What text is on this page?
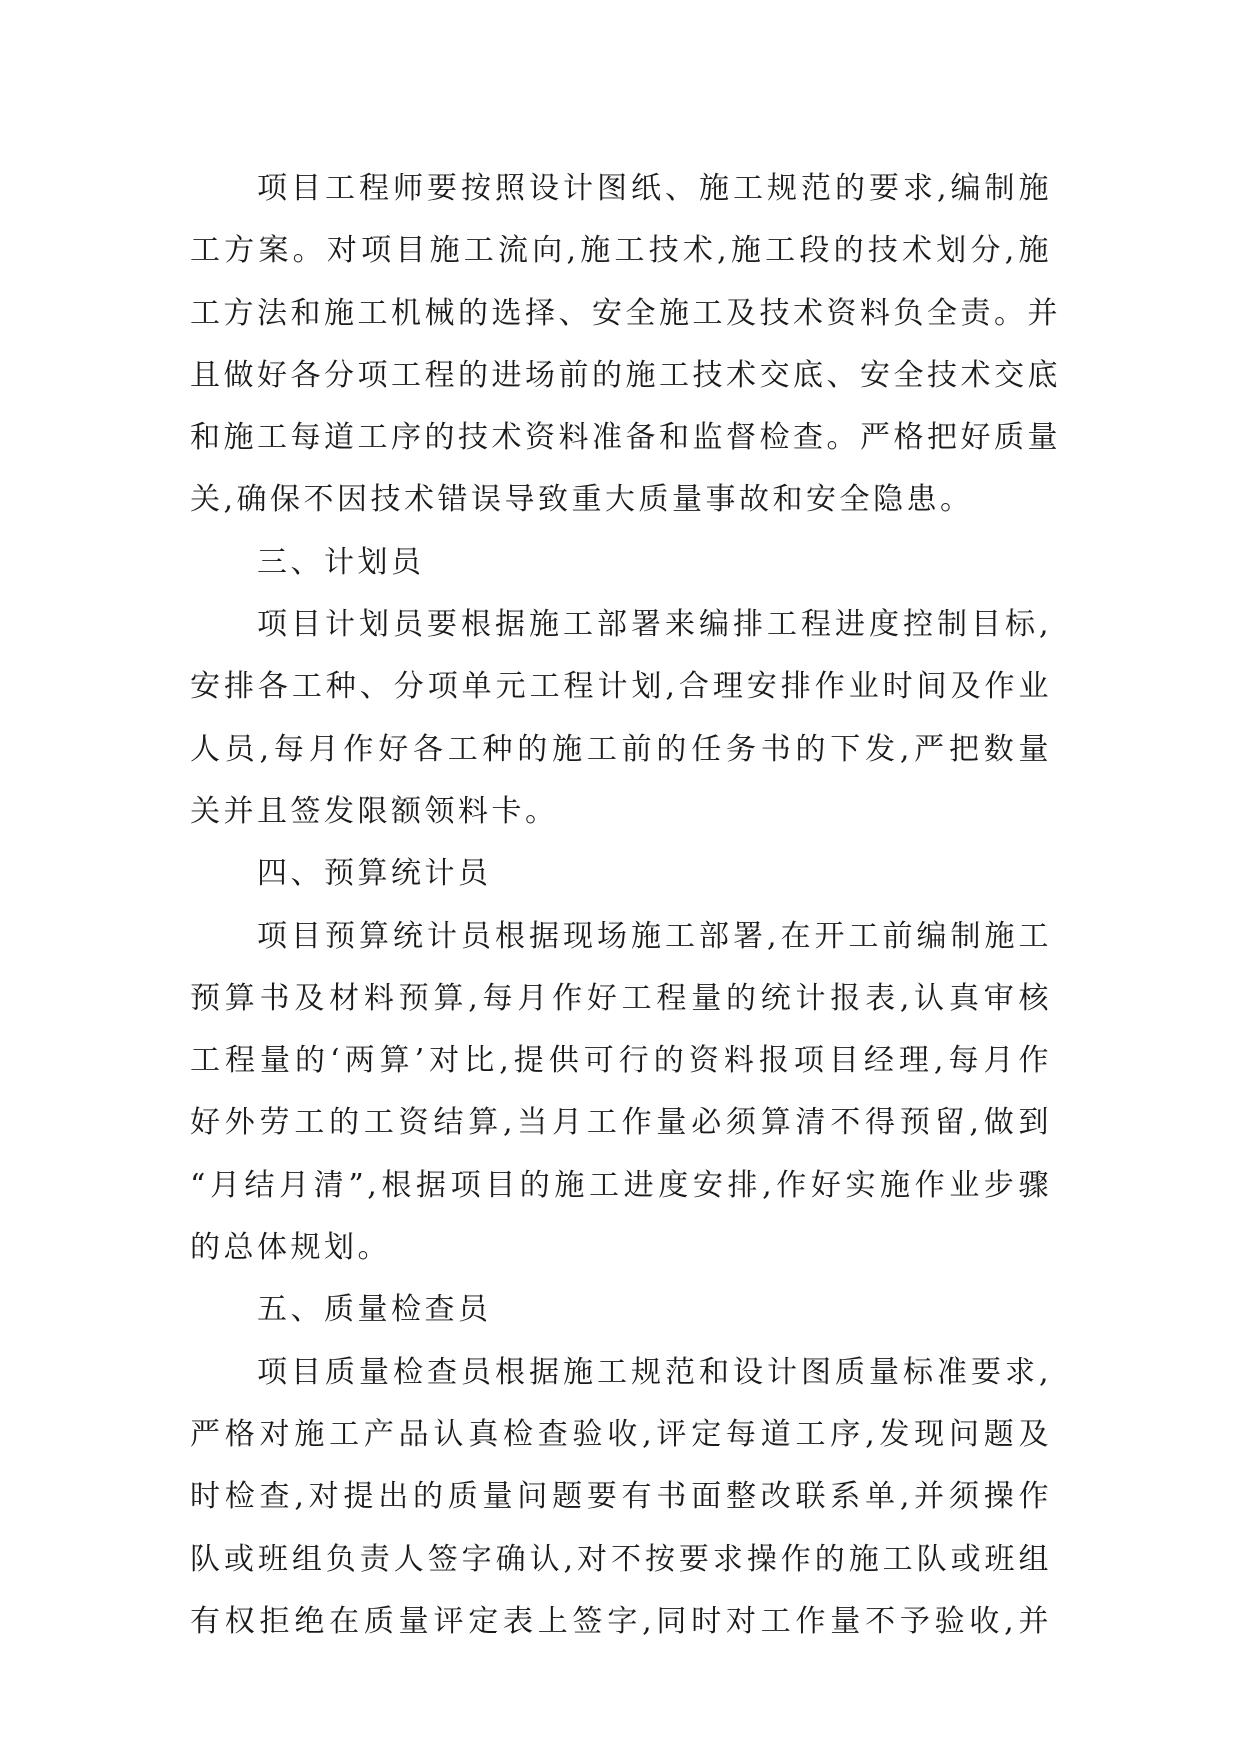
项目工程师要按照设计图纸、施工规范的要求,编制施
工方案。对项目施工流向,施工技术,施工段的技术划分,施
工方法和施工机械的选择、安全施工及技术资料负全责。并
且做好各分项工程的进场前的施工技术交底、安全技术交底
和施工每道工序的技术资料准备和监督检查。严格把好质量
关,确保不因技术错误导致重大质量事故和安全隐患。
三、计划员
项目计划员要根据施工部署来编排工程进度控制目标,
安排各工种、分项单元工程计划,合理安排作业时间及作业
人员,每月作好各工种的施工前的任务书的下发,严把数量
关并且签发限额领料卡。
四、预算统计员
项目预算统计员根据现场施工部署,在开工前编制施工
预算书及材料预算,每月作好工程量的统计报表,认真审核
工程量的‘两算’对比,提供可行的资料报项目经理,每月作
好外劳工的工资结算,当月工作量必须算清不得预留,做到
“月结月清”,根据项目的施工进度安排,作好实施作业步骤
的总体规划。
五、质量检查员
项目质量检查员根据施工规范和设计图质量标准要求,
严格对施工产品认真检查验收,评定每道工序,发现问题及
时检查,对提出的质量问题要有书面整改联系单,并须操作
队或班组负责人签字确认,对不按要求操作的施工队或班组
有权拒绝在质量评定表上签字,同时对工作量不予验收,并
